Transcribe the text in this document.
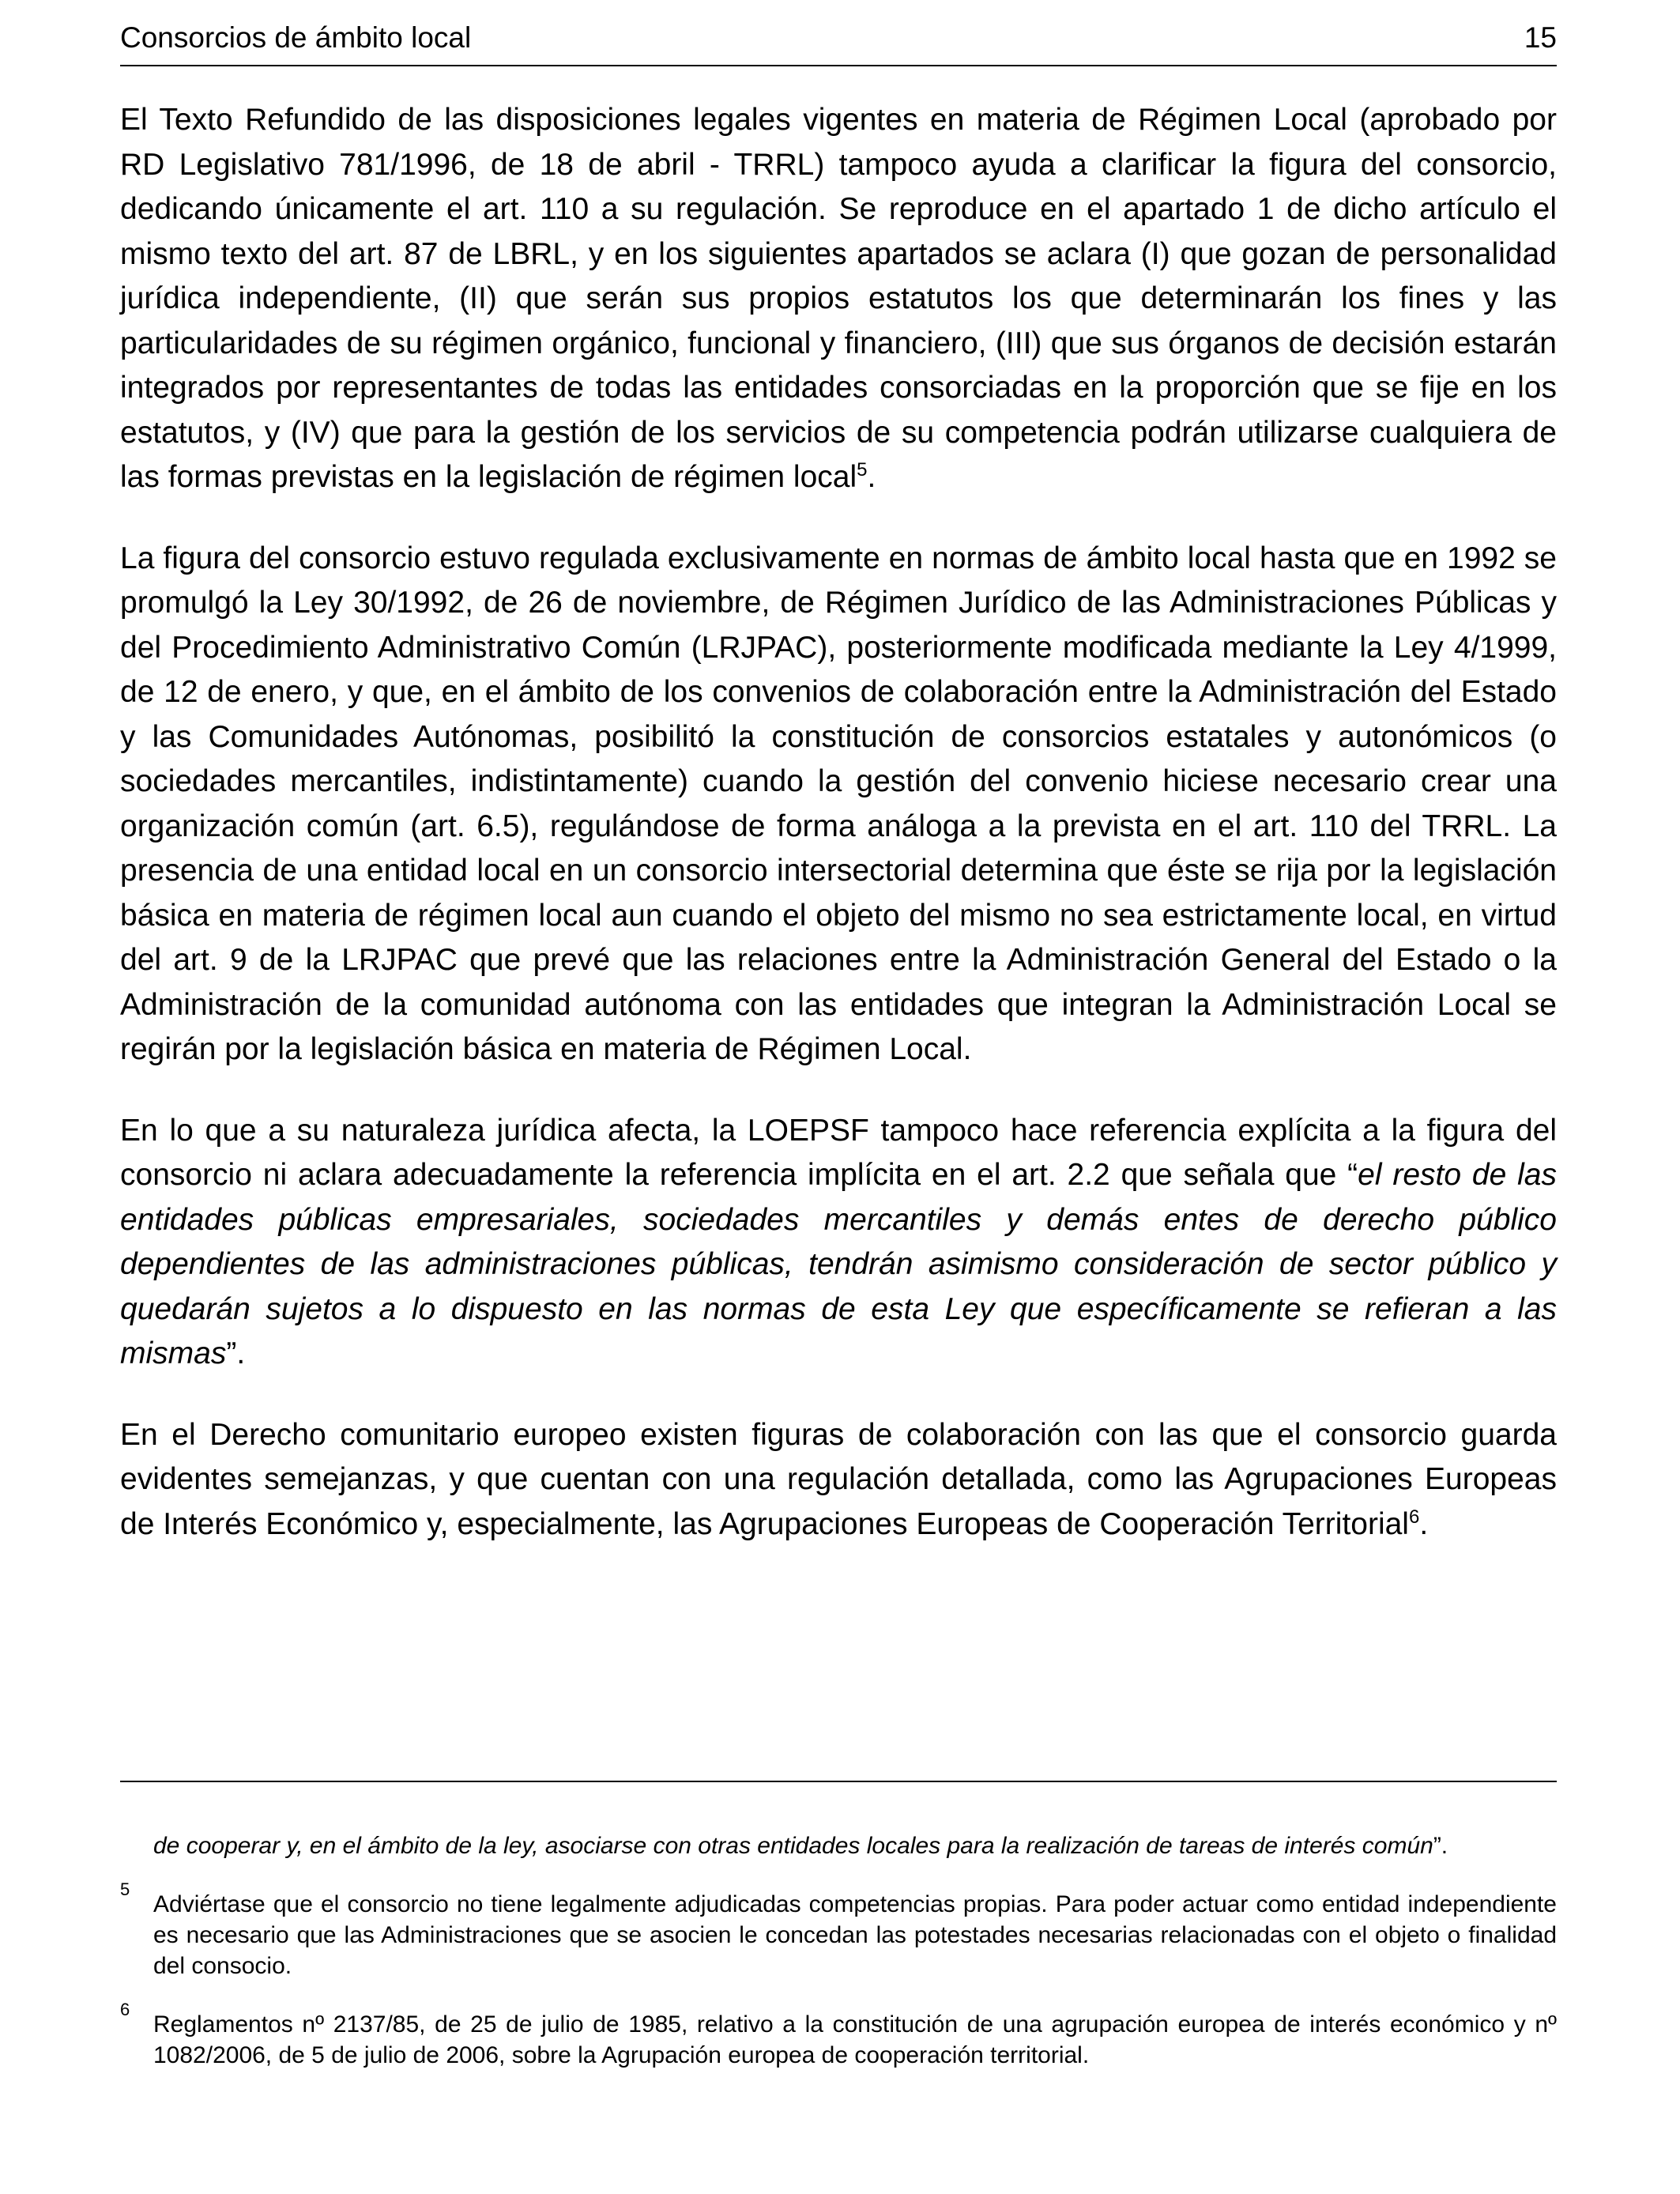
Consorcios de ámbito local	15

El Texto Refundido de las disposiciones legales vigentes en materia de Régimen Local (aprobado por RD Legislativo 781/1996, de 18 de abril - TRRL) tampoco ayuda a clarificar la figura del consorcio, dedicando únicamente el art. 110 a su regulación. Se reproduce en el apartado 1 de dicho artículo el mismo texto del art. 87 de LBRL, y en los siguientes apartados se aclara (I) que gozan de personalidad jurídica independiente, (II) que serán sus propios estatutos los que determinarán los fines y las particularidades de su régimen orgánico, funcional y financiero, (III) que sus órganos de decisión estarán integrados por representantes de todas las entidades consorciadas en la proporción que se fije en los estatutos, y (IV) que para la gestión de los servicios de su competencia podrán utilizarse cualquiera de las formas previstas en la legislación de régimen local$^5$.

La figura del consorcio estuvo regulada exclusivamente en normas de ámbito local hasta que en 1992 se promulgó la Ley 30/1992, de 26 de noviembre, de Régimen Jurídico de las Administraciones Públicas y del Procedimiento Administrativo Común (LRJPAC), posteriormente modificada mediante la Ley 4/1999, de 12 de enero, y que, en el ámbito de los convenios de colaboración entre la Administración del Estado y las Comunidades Autónomas, posibilitó la constitución de consorcios estatales y autonómicos (o sociedades mercantiles, indistintamente) cuando la gestión del convenio hiciese necesario crear una organización común (art. 6.5), regulándose de forma análoga a la prevista en el art. 110 del TRRL. La presencia de una entidad local en un consorcio intersectorial determina que éste se rija por la legislación básica en materia de régimen local aun cuando el objeto del mismo no sea estrictamente local, en virtud del art. 9 de la LRJPAC que prevé que las relaciones entre la Administración General del Estado o la Administración de la comunidad autónoma con las entidades que integran la Administración Local se regirán por la legislación básica en materia de Régimen Local.

En lo que a su naturaleza jurídica afecta, la LOEPSF tampoco hace referencia explícita a la figura del consorcio ni aclara adecuadamente la referencia implícita en el art. 2.2 que señala que “el resto de las entidades públicas empresariales, sociedades mercantiles y demás entes de derecho público dependientes de las administraciones públicas, tendrán asimismo consideración de sector público y quedarán sujetos a lo dispuesto en las normas de esta Ley que específicamente se refieran a las mismas”.

En el Derecho comunitario europeo existen figuras de colaboración con las que el consorcio guarda evidentes semejanzas, y que cuentan con una regulación detallada, como las Agrupaciones Europeas de Interés Económico y, especialmente, las Agrupaciones Europeas de Cooperación Territorial$^6$.

de cooperar y, en el ámbito de la ley, asociarse con otras entidades locales para la realización de tareas de interés común”.

5
Adviértase que el consorcio no tiene legalmente adjudicadas competencias propias. Para poder actuar como entidad independiente es necesario que las Administraciones que se asocien le concedan las potestades necesarias relacionadas con el objeto o finalidad del consocio.

6
Reglamentos nº 2137/85, de 25 de julio de 1985, relativo a la constitución de una agrupación europea de interés económico y nº 1082/2006, de 5 de julio de 2006, sobre la Agrupación europea de cooperación territorial.
